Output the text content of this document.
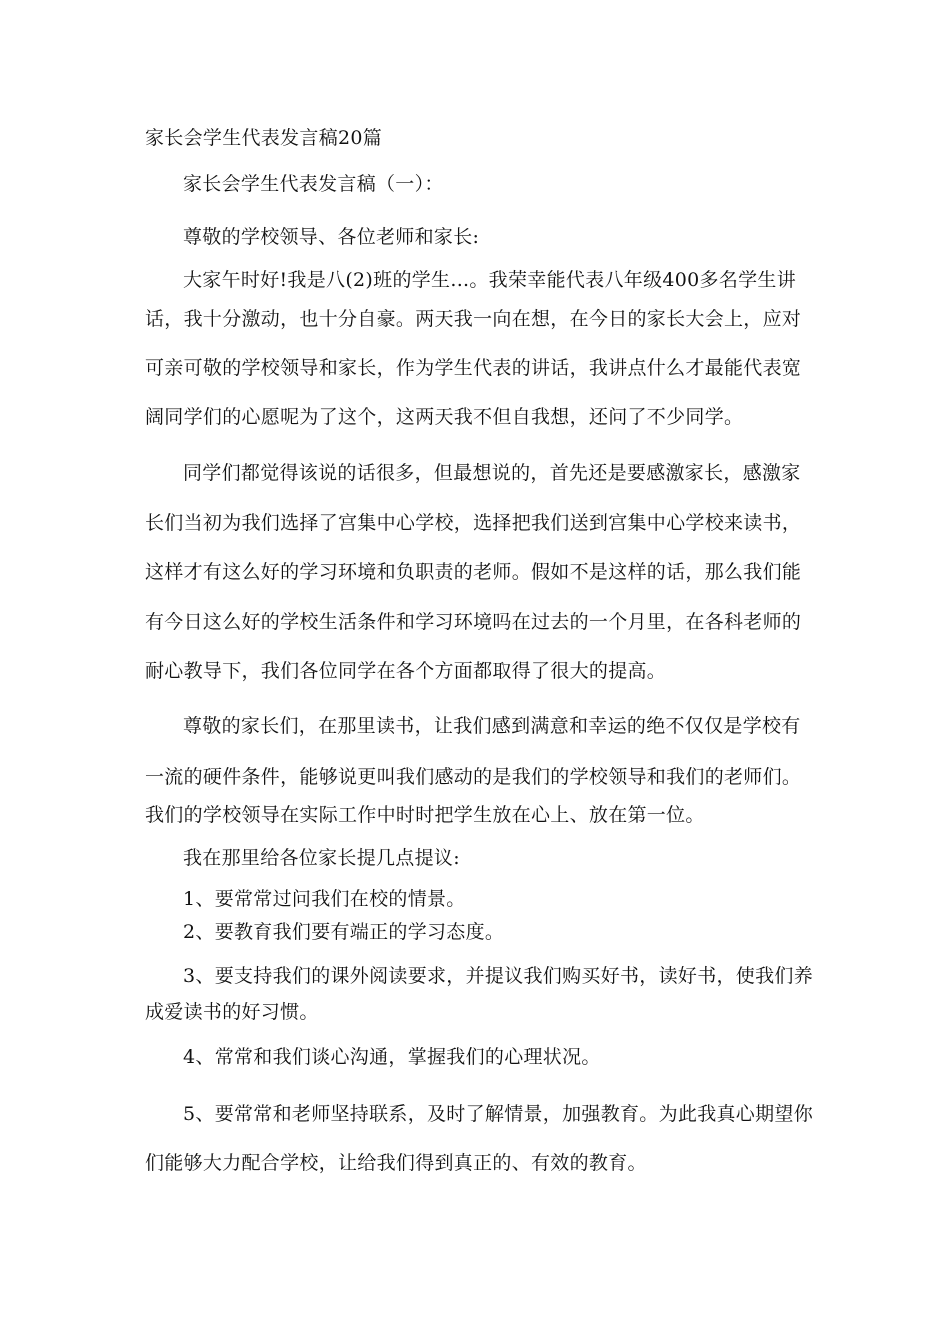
家长会学生代表发言稿20篇
家长会学生代表发言稿（一）：
尊敬的学校领导、各位老师和家长:
大家午时好!我是八(2)班的学生...。我荣幸能代表八年级400多名学生讲
话，我十分激动，也十分自豪。两天我一向在想，在今日的家长大会上，应对
可亲可敬的学校领导和家长，作为学生代表的讲话，我讲点什么才最能代表宽
阔同学们的心愿呢为了这个，这两天我不但自我想，还问了不少同学。
同学们都觉得该说的话很多，但最想说的，首先还是要感激家长，感激家
长们当初为我们选择了宫集中心学校，选择把我们送到宫集中心学校来读书，
这样才有这么好的学习环境和负职责的老师。假如不是这样的话，那么我们能
有今日这么好的学校生活条件和学习环境吗在过去的一个月里，在各科老师的
耐心教导下，我们各位同学在各个方面都取得了很大的提高。
尊敬的家长们，在那里读书，让我们感到满意和幸运的绝不仅仅是学校有
一流的硬件条件，能够说更叫我们感动的是我们的学校领导和我们的老师们。
我们的学校领导在实际工作中时时把学生放在心上、放在第一位。
我在那里给各位家长提几点提议:
1、要常常过问我们在校的情景。
2、要教育我们要有端正的学习态度。
3、要支持我们的课外阅读要求，并提议我们购买好书，读好书，使我们养
成爱读书的好习惯。
4、常常和我们谈心沟通，掌握我们的心理状况。
5、要常常和老师坚持联系，及时了解情景，加强教育。为此我真心期望你
们能够大力配合学校，让给我们得到真正的、有效的教育。
